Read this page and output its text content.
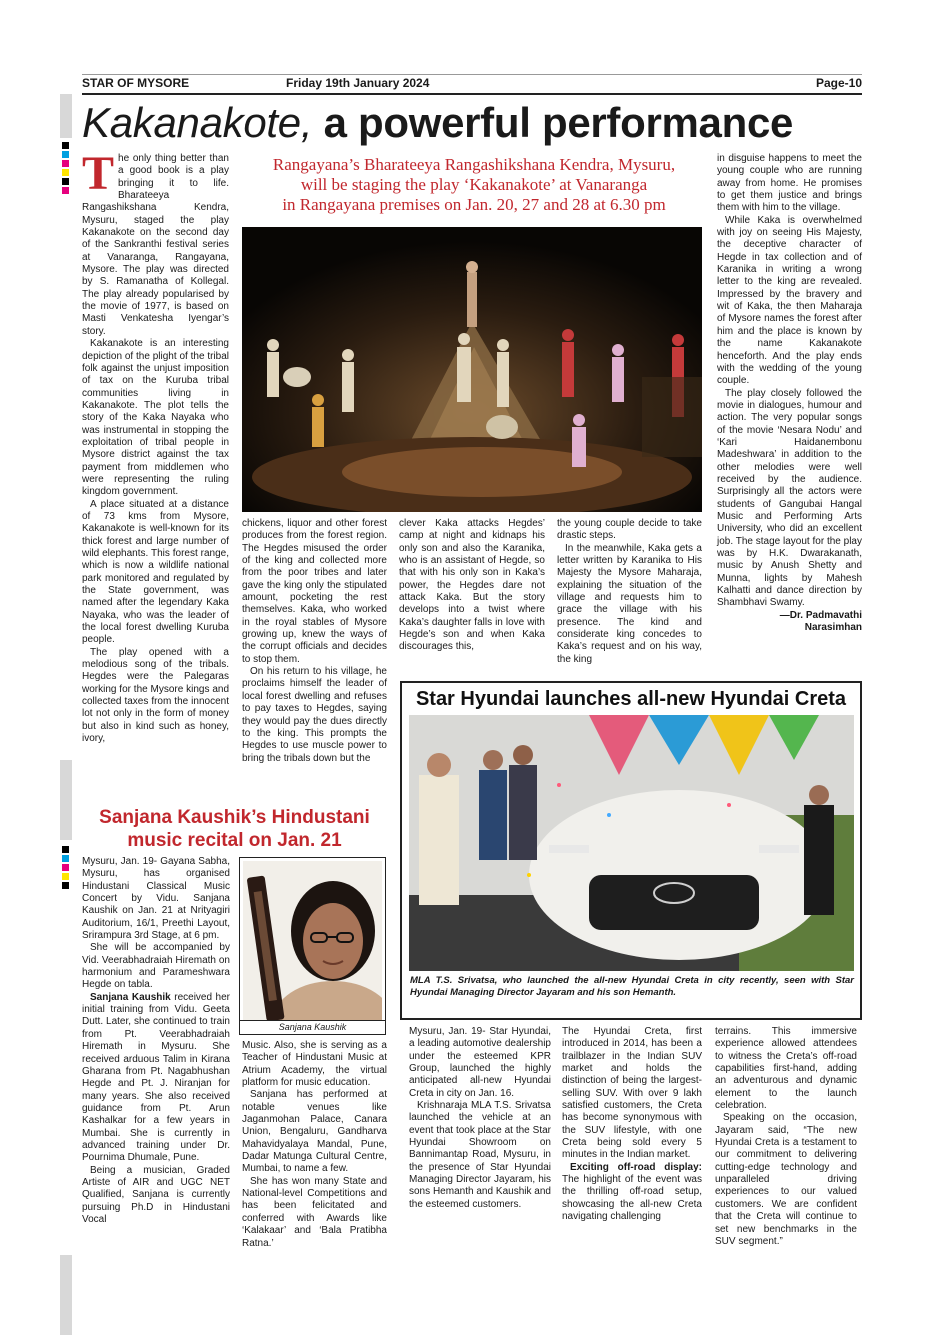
STAR OF MYSORE	Friday 19th January 2024	Page-10
Kakanakote, a powerful performance
T he only thing better than a good book is a play bringing it to life. Bharateeya Rangashikshana Kendra, Mysuru, staged the play Kakanakote on the second day of the Sankranthi festival series at Vanaranga, Rangayana, Mysore. The play was directed by S. Ramanatha of Kollegal. The play already popularised by the movie of 1977, is based on Masti Venkatesha Iyengar’s story.

Kakanakote is an interesting depiction of the plight of the tribal folk against the unjust imposition of tax on the Kuruba tribal communities living in Kakanakote. The plot tells the story of the Kaka Nayaka who was instrumental in stopping the exploitation of tribal people in Mysore district against the tax payment from middlemen who were representing the ruling kingdom government.

A place situated at a distance of 73 kms from Mysore, Kakanakote is well-known for its thick forest and large number of wild elephants. This forest range, which is now a wildlife national park monitored and regulated by the State government, was named after the legendary Kaka Nayaka, who was the leader of the local forest dwelling Kuruba people.

The play opened with a melodious song of the tribals. Hegdes were the Palegaras working for the Mysore kings and collected taxes from the innocent lot not only in the form of money but also in kind such as honey, ivory,

Rangayana’s Bharateeya Rangashikshana Kendra, Mysuru,
will be staging the play ‘Kakanakote’ at Vanaranga
in Rangayana premises on Jan. 20, 27 and 28 at 6.30 pm

chickens, liquor and other forest produces from the forest region. The Hegdes misused the order of the king and collected more from the poor tribes and later gave the king only the stipulated amount, pocketing the rest themselves. Kaka, who worked in the royal stables of Mysore growing up, knew the ways of the corrupt officials and decides to stop them.

On his return to his village, he proclaims himself the leader of local forest dwelling and refuses to pay taxes to Hegdes, saying they would pay the dues directly to the king. This prompts the Hegdes to use muscle power to bring the tribals down but the

clever Kaka attacks Hegdes’ camp at night and kidnaps his only son and also the Karanika, who is an assistant of Hegde, so that with his only son in Kaka’s power, the Hegdes dare not attack Kaka. But the story develops into a twist where Kaka’s daughter falls in love with Hegde’s son and when Kaka discourages this,

the young couple decide to take drastic steps.

In the meanwhile, Kaka gets a letter written by Karanika to His Majesty the Mysore Maharaja, explaining the situation of the village and requests him to grace the village with his presence. The kind and considerate king concedes to Kaka’s request and on his way, the king

in disguise happens to meet the young couple who are running away from home. He promises to get them justice and brings them with him to the village.

While Kaka is overwhelmed with joy on seeing His Majesty, the deceptive character of Hegde in tax collection and of Karanika in writing a wrong letter to the king are revealed. Impressed by the bravery and wit of Kaka, the then Maharaja of Mysore names the forest after him and the place is known by the name Kakanakote henceforth. And the play ends with the wedding of the young couple.

The play closely followed the movie in dialogues, humour and action. The very popular songs of the movie ‘Nesara Nodu’ and ‘Kari Haidanembonu Madeshwara’ in addition to the other melodies were well received by the audience. Surprisingly all the actors were students of Gangubai Hangal Music and Performing Arts University, who did an excellent job. The stage layout for the play was by H.K. Dwarakanath, music by Anush Shetty and Munna, lights by Mahesh Kalhatti and dance direction by Shambhavi Swamy.

—Dr. Padmavathi
Narasimhan
Sanjana Kaushik’s Hindustani music recital on Jan. 21

Mysuru, Jan. 19- Gayana Sabha, Mysuru, has organised Hindustani Classical Music Concert by Vidu. Sanjana Kaushik on Jan. 21 at Nrityagiri Auditorium, 16/1, Preethi Layout, Srirampura 3rd Stage, at 6 pm.

She will be accompanied by Vid. Veerabhadraiah Hiremath on harmonium and Parameshwara Hegde on tabla.

Sanjana Kaushik received her initial training from Vidu. Geeta Dutt. Later, she continued to train from Pt. Veerabhadraiah Hiremath in Mysuru. She received arduous Talim in Kirana Gharana from Pt. Nagabhushan Hegde and Pt. J. Niranjan for many years. She also received guidance from Pt. Arun Kashalkar for a few years in Mumbai. She is currently in advanced training under Dr. Pournima Dhumale, Pune.

Being a musician, Graded Artiste of AIR and UGC NET Qualified, Sanjana is currently pursuing Ph.D in Hindustani Vocal

Sanjana Kaushik

Music. Also, she is serving as a Teacher of Hindustani Music at Atrium Academy, the virtual platform for music education.

Sanjana has performed at notable venues like Jaganmohan Palace, Canara Union, Bengaluru, Gandharva Mahavidyalaya Mandal, Pune, Dadar Matunga Cultural Centre, Mumbai, to name a few.

She has won many State and National-level Competitions and has been felicitated and conferred with Awards like ‘Kalakaar’ and ‘Bala Pratibha Ratna.’

Star Hyundai launches all-new Hyundai Creta
MLA T.S. Srivatsa, who launched the all-new Hyundai Creta in city recently, seen with Star Hyundai Managing Director Jayaram and his son Hemanth.

Mysuru, Jan. 19- Star Hyundai, a leading automotive dealership under the esteemed KPR Group, launched the highly anticipated all-new Hyundai Creta in city on Jan. 16.

Krishnaraja MLA T.S. Srivatsa launched the vehicle at an event that took place at the Star Hyundai Showroom on Bannimantap Road, Mysuru, in the presence of Star Hyundai Managing Director Jayaram, his sons Hemanth and Kaushik and the esteemed customers.

The Hyundai Creta, first introduced in 2014, has been a trailblazer in the Indian SUV market and holds the distinction of being the largest-selling SUV. With over 9 lakh satisfied customers, the Creta has become synonymous with the SUV lifestyle, with one Creta being sold every 5 minutes in the Indian market.

Exciting off-road display: The highlight of the event was the thrilling off-road setup, showcasing the all-new Creta navigating challenging

terrains. This immersive experience allowed attendees to witness the Creta’s off-road capabilities first-hand, adding an adventurous and dynamic element to the launch celebration.

Speaking on the occasion, Jayaram said, “The new Hyundai Creta is a testament to our commitment to delivering cutting-edge technology and unparalleled driving experiences to our valued customers. We are confident that the Creta will continue to set new benchmarks in the SUV segment.”
